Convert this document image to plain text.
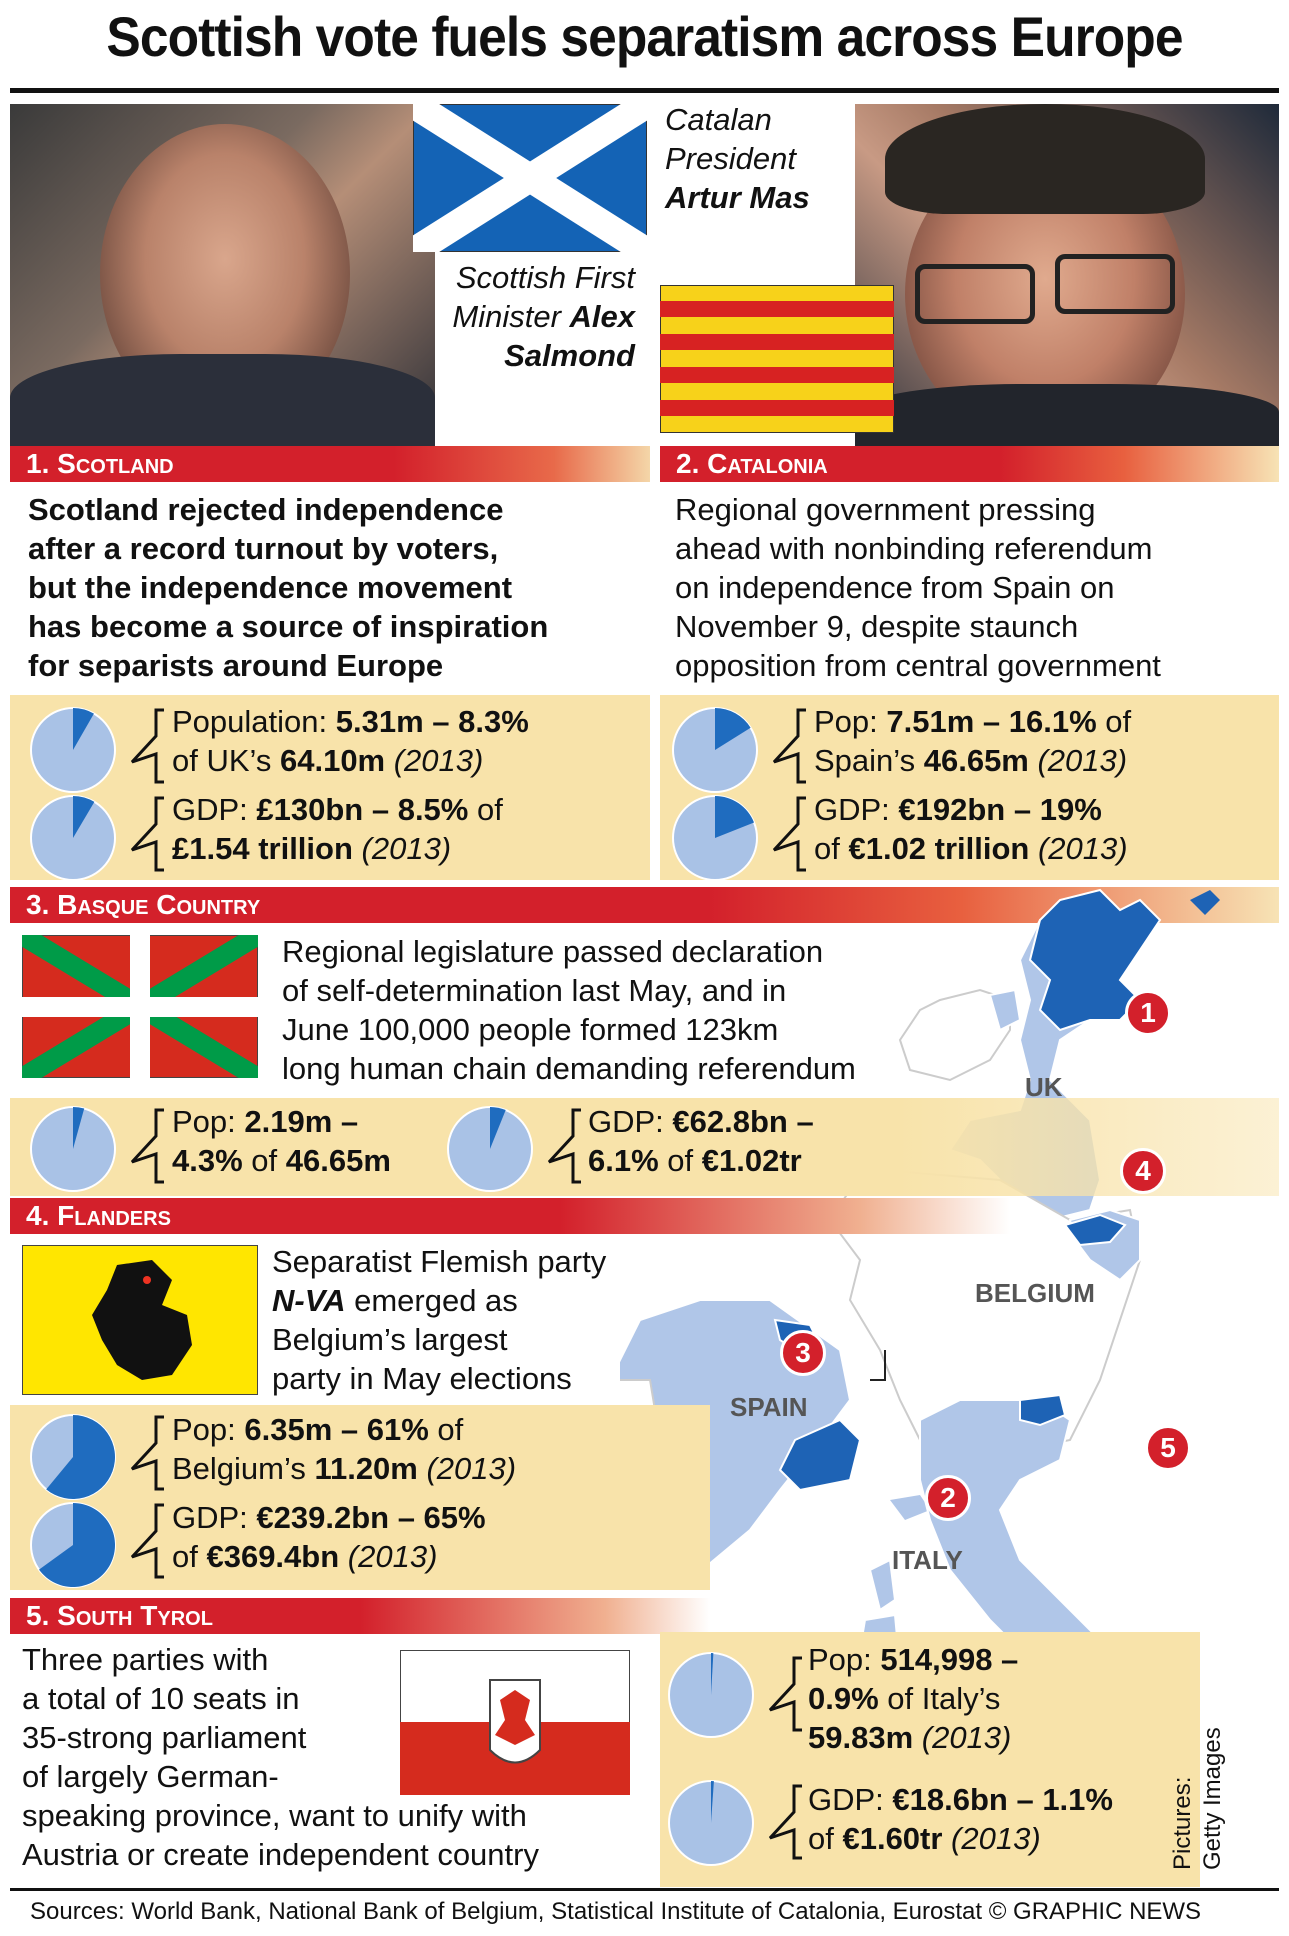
Scottish vote fuels separatism across Europe
Catalan
President
Artur Mas
Scottish First
Minister Alex
Salmond
1. Scotland	2. Catalonia
Scotland rejected independence
after a record turnout by voters,
but the independence movement
has become a source of inspiration
for separists around Europe
Regional government pressing
ahead with nonbinding referendum
on independence from Spain on
November 9, despite staunch
opposition from central government
Population: 5.31m – 8.3%
of UK’s 64.10m (2013)
GDP: £130bn – 8.5% of
£1.54 trillion (2013)
Pop: 7.51m – 16.1% of
Spain’s 46.65m (2013)
GDP: €192bn – 19%
of €1.02 trillion (2013)
3. Basque Country
Regional legislature passed declaration
of self-determination last May, and in
June 100,000 people formed 123km
long human chain demanding referendum
Pop: 2.19m –
4.3% of 46.65m
GDP: €62.8bn –
6.1% of €1.02tr
4. Flanders
Separatist Flemish party
N-VA emerged as
Belgium’s largest
party in May elections
Pop: 6.35m – 61% of
Belgium’s 11.20m (2013)
GDP: €239.2bn – 65%
of €369.4bn (2013)
5. South Tyrol
Three parties with
a total of 10 seats in
35-strong parliament
of largely German-
speaking province, want to unify with
Austria or create independent country
Pop: 514,998 –
0.9% of Italy’s
59.83m (2013)
GDP: €18.6bn – 1.1%
of €1.60tr (2013)
UK
BELGIUM
SPAIN
ITALY
1
2
3
4
5
Pictures: Getty Images
Sources: World Bank, National Bank of Belgium, Statistical Institute of Catalonia, Eurostat © GRAPHIC NEWS
